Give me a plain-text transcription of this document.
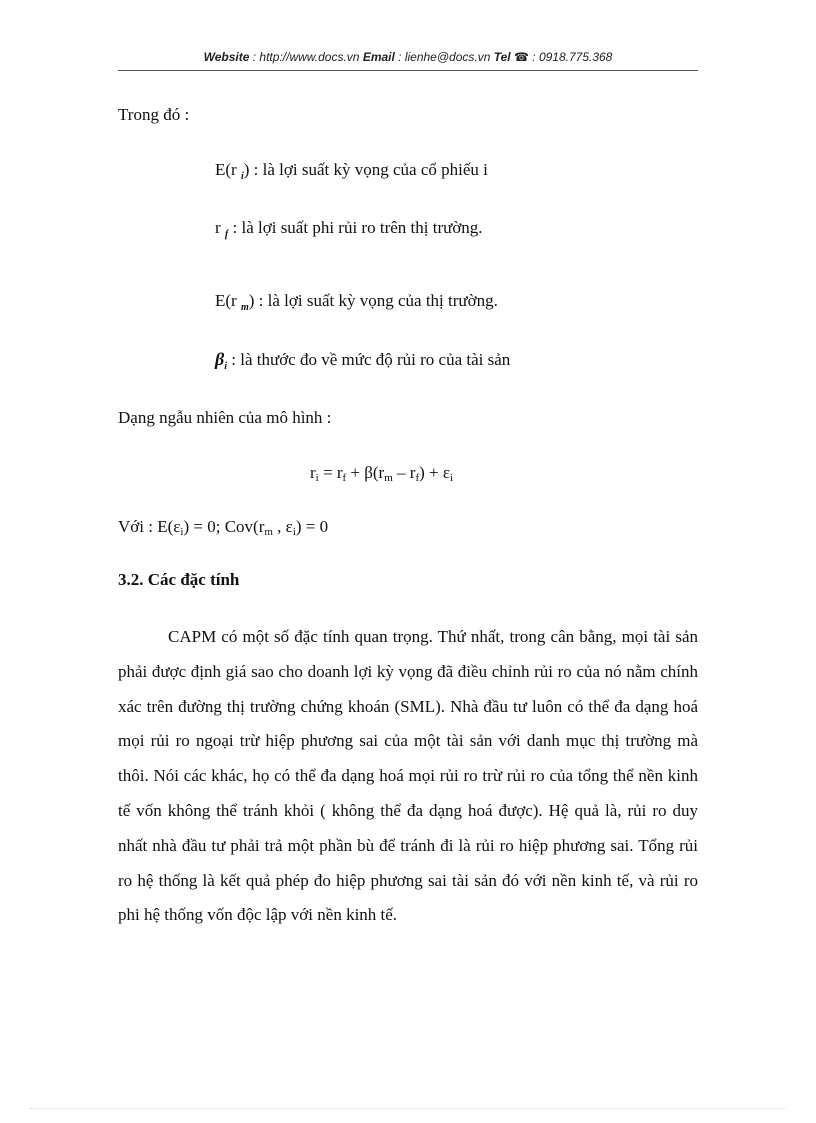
Website : http://www.docs.vn Email : lienhe@docs.vn Tel ☎ : 0918.775.368
Trong đó :
E(r $_i$) : là lợi suất kỳ vọng của cổ phiếu i
r $_f$ : là lợi suất phi rủi ro trên thị trường.
E(r $_m$) : là lợi suất kỳ vọng của thị trường.
$\beta_i$ : là thước đo về mức độ rủi ro của tài sản
Dạng ngẫu nhiên của mô hình :
$r_i = r_f + \beta(r_m - r_f) + \varepsilon_i$
Với : $E(\varepsilon_i) = 0$; $Cov(r_m$ , $\varepsilon_i) = 0$
3.2. Các đặc tính
CAPM có một số đặc tính quan trọng. Thứ nhất, trong cân bằng, mọi tài sản phải được định giá sao cho doanh lợi kỳ vọng đã điều chỉnh rủi ro của nó nằm chính xác trên đường thị trường chứng khoán (SML). Nhà đầu tư luôn có thể đa dạng hoá mọi rủi ro ngoại trừ hiệp phương sai của một tài sản với danh mục thị trường mà thôi. Nói các khác, họ có thể đa dạng hoá mọi rủi ro trừ rủi ro của tổng thể nền kinh tế vốn không thể tránh khỏi ( không thể đa dạng hoá được). Hệ quả là, rủi ro duy nhất nhà đầu tư phải trả một phần bù để tránh đi là rủi ro hiệp phương sai. Tổng rủi ro hệ thống là kết quả phép đo hiệp phương sai tài sản đó với nền kinh tế, và rủi ro phi hệ thống vốn độc lập với nền kinh tế.
